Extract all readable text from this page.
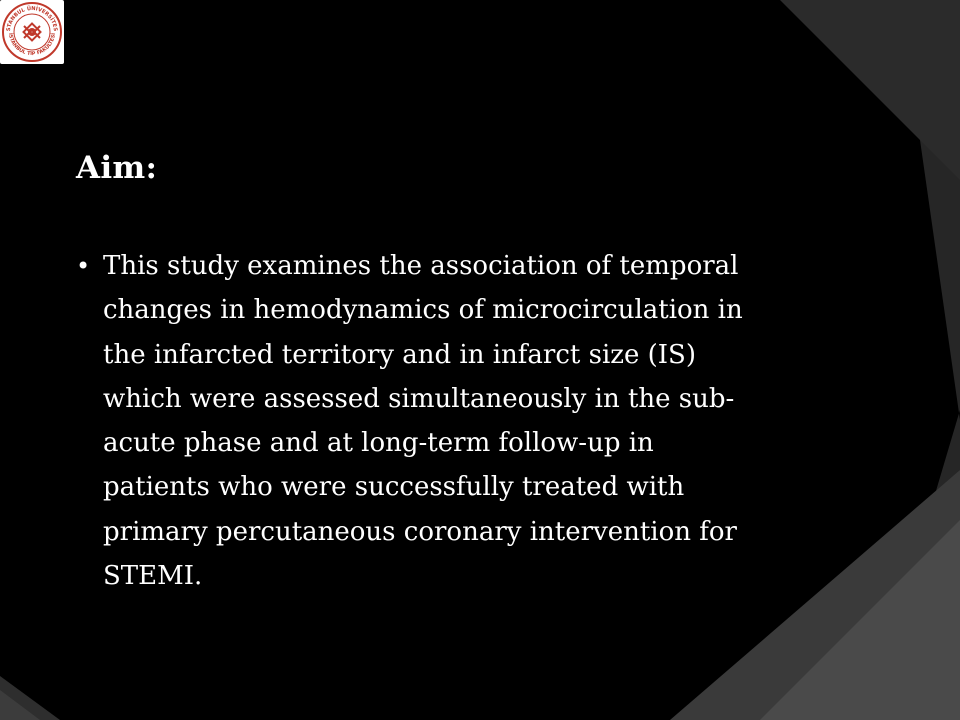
STANBUL ÜNİVERSİTES
İSTANBUL TIP FAKÜLTESİ
Aim:
• This study examines the association of temporal
changes in hemodynamics of microcirculation in
the infarcted territory and in infarct size (IS)
which were assessed simultaneously in the sub-
acute phase and at long-term follow-up in
patients who were successfully treated with
primary percutaneous coronary intervention for
STEMI.
